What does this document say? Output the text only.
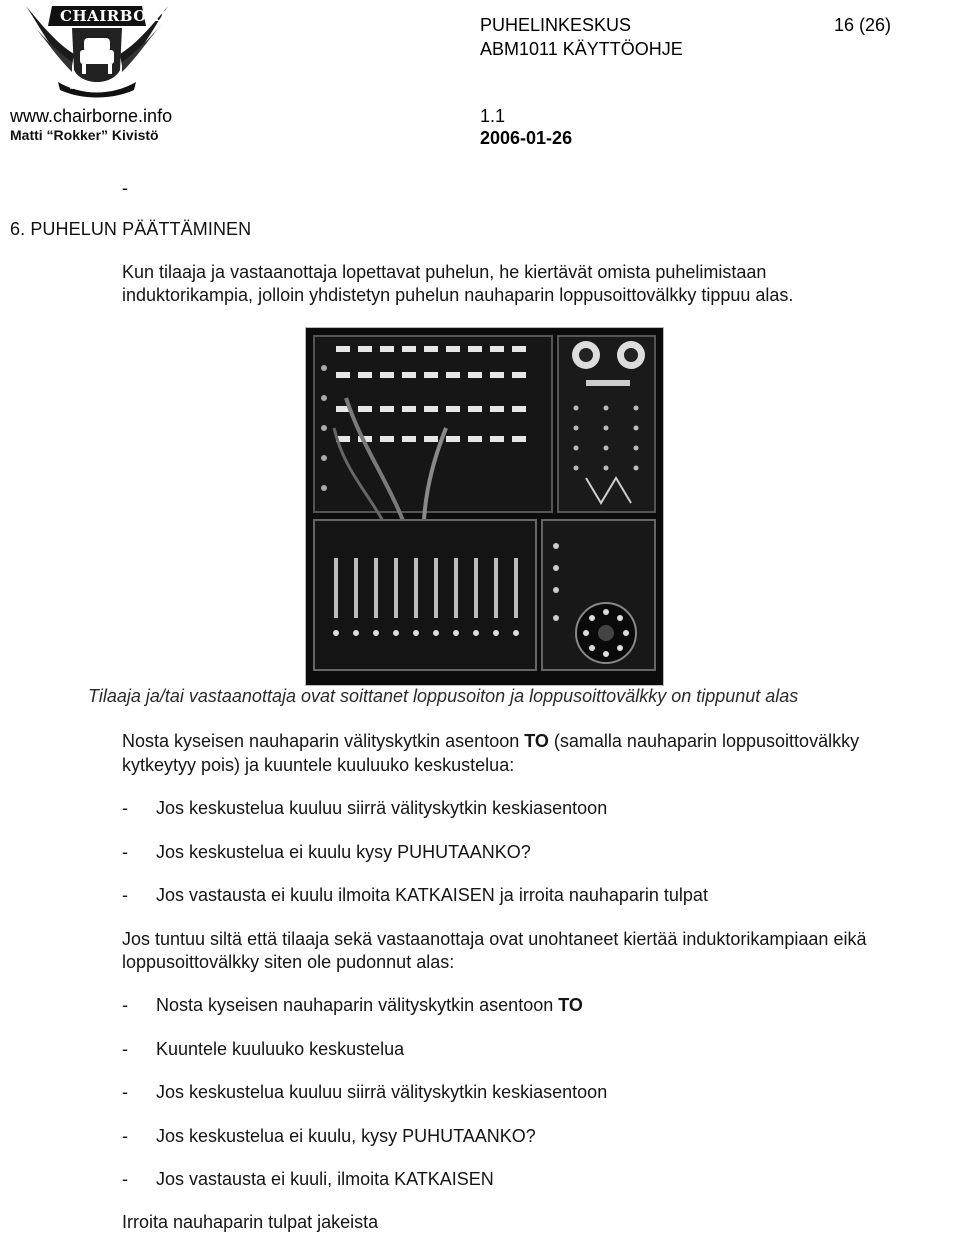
CHAIRBORNE
BELLA GERANT ALII
www.chairborne.info
Matti “Rokker” Kivistö
PUHELINKESKUS
ABM1011 KÄYTTÖOHJE
16 (26)
1.1
2006-01-26
-
6. PUHELUN PÄÄTTÄMINEN
Kun tilaaja ja vastaanottaja lopettavat puhelun, he kiertävät omista puhelimistaan
induktorikampia, jolloin yhdistetyn puhelun nauhaparin loppusoittovälkky tippuu alas.
Tilaaja ja/tai vastaanottaja ovat soittanet loppusoiton ja loppusoittovälkky on tippunut alas
Nosta kyseisen nauhaparin välityskytkin asentoon TO (samalla nauhaparin loppusoittovälkky
kytkeytyy pois) ja kuuntele kuuluuko keskustelua:
- Jos keskustelua kuuluu siirrä välityskytkin keskiasentoon
- Jos keskustelua ei kuulu kysy PUHUTAANKO?
- Jos vastausta ei kuulu ilmoita KATKAISEN ja irroita nauhaparin tulpat
Jos tuntuu siltä että tilaaja sekä vastaanottaja ovat unohtaneet kiertää induktorikampiaan eikä
loppusoittovälkky siten ole pudonnut alas:
- Nosta kyseisen nauhaparin välityskytkin asentoon TO
- Kuuntele kuuluuko keskustelua
- Jos keskustelua kuuluu siirrä välityskytkin keskiasentoon
- Jos keskustelua ei kuulu, kysy PUHUTAANKO?
- Jos vastausta ei kuuli, ilmoita KATKAISEN
Irroita nauhaparin tulpat jakeista
